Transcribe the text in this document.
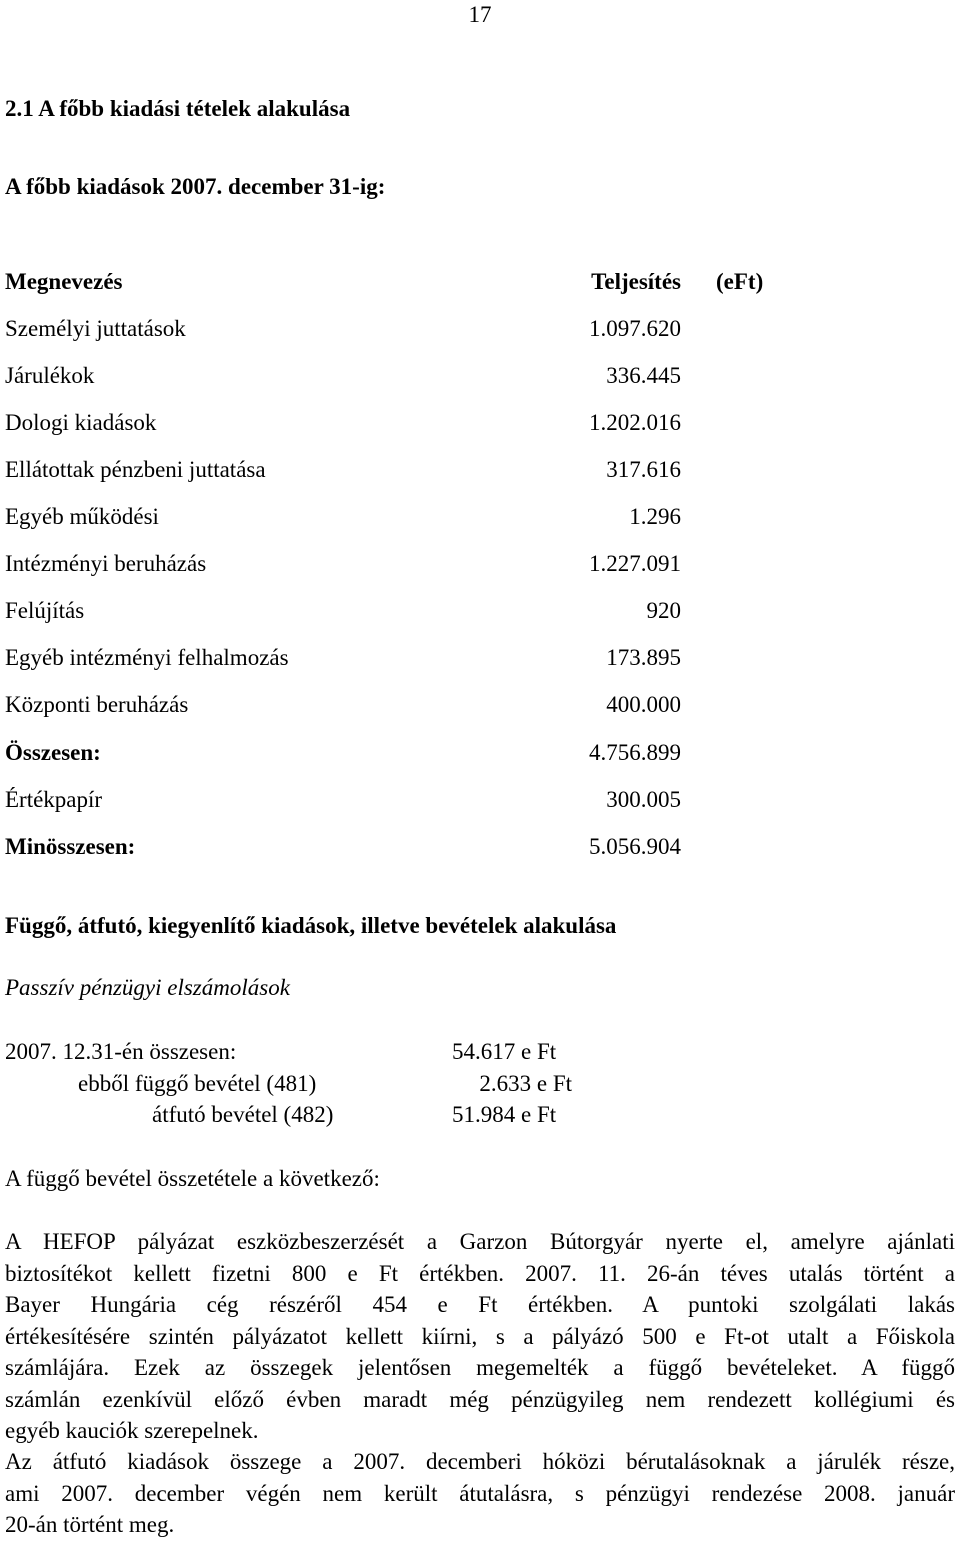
17
2.1 A főbb kiadási tételek alakulása
A főbb kiadások 2007. december 31-ig:
Megnevezés	Teljesítés (eFt)
Személyi juttatások	1.097.620
Járulékok	336.445
Dologi kiadások	1.202.016
Ellátottak pénzbeni juttatása	317.616
Egyéb működési	1.296
Intézményi beruházás	1.227.091
Felújítás	920
Egyéb intézményi felhalmozás	173.895
Központi beruházás	400.000
Összesen:	4.756.899
Értékpapír	300.005
Minösszesen:	5.056.904
Függő, átfutó, kiegyenlítő kiadások, illetve bevételek alakulása
Passzív pénzügyi elszámolások
2007. 12.31-én összesen:	54.617 e Ft
ebből függő bevétel (481)	2.633 e Ft
átfutó bevétel (482)	51.984 e Ft
A függő bevétel összetétele a következő:
A HEFOP pályázat eszközbeszerzését a Garzon Bútorgyár nyerte el, amelyre ajánlati
biztosítékot kellett fizetni 800 e Ft értékben. 2007. 11. 26-án téves utalás történt a
Bayer Hungária cég részéről 454 e Ft értékben. A puntoki szolgálati lakás
értékesítésére szintén pályázatot kellett kiírni, s a pályázó 500 e Ft-ot utalt a Főiskola
számlájára. Ezek az összegek jelentősen megemelték a függő bevételeket. A függő
számlán ezenkívül előző évben maradt még pénzügyileg nem rendezett kollégiumi és
egyéb kauciók szerepelnek.
Az átfutó kiadások összege a 2007. decemberi hóközi bérutalásoknak a járulék része,
ami 2007. december végén nem került átutalásra, s pénzügyi rendezése 2008. január
20-án történt meg.
